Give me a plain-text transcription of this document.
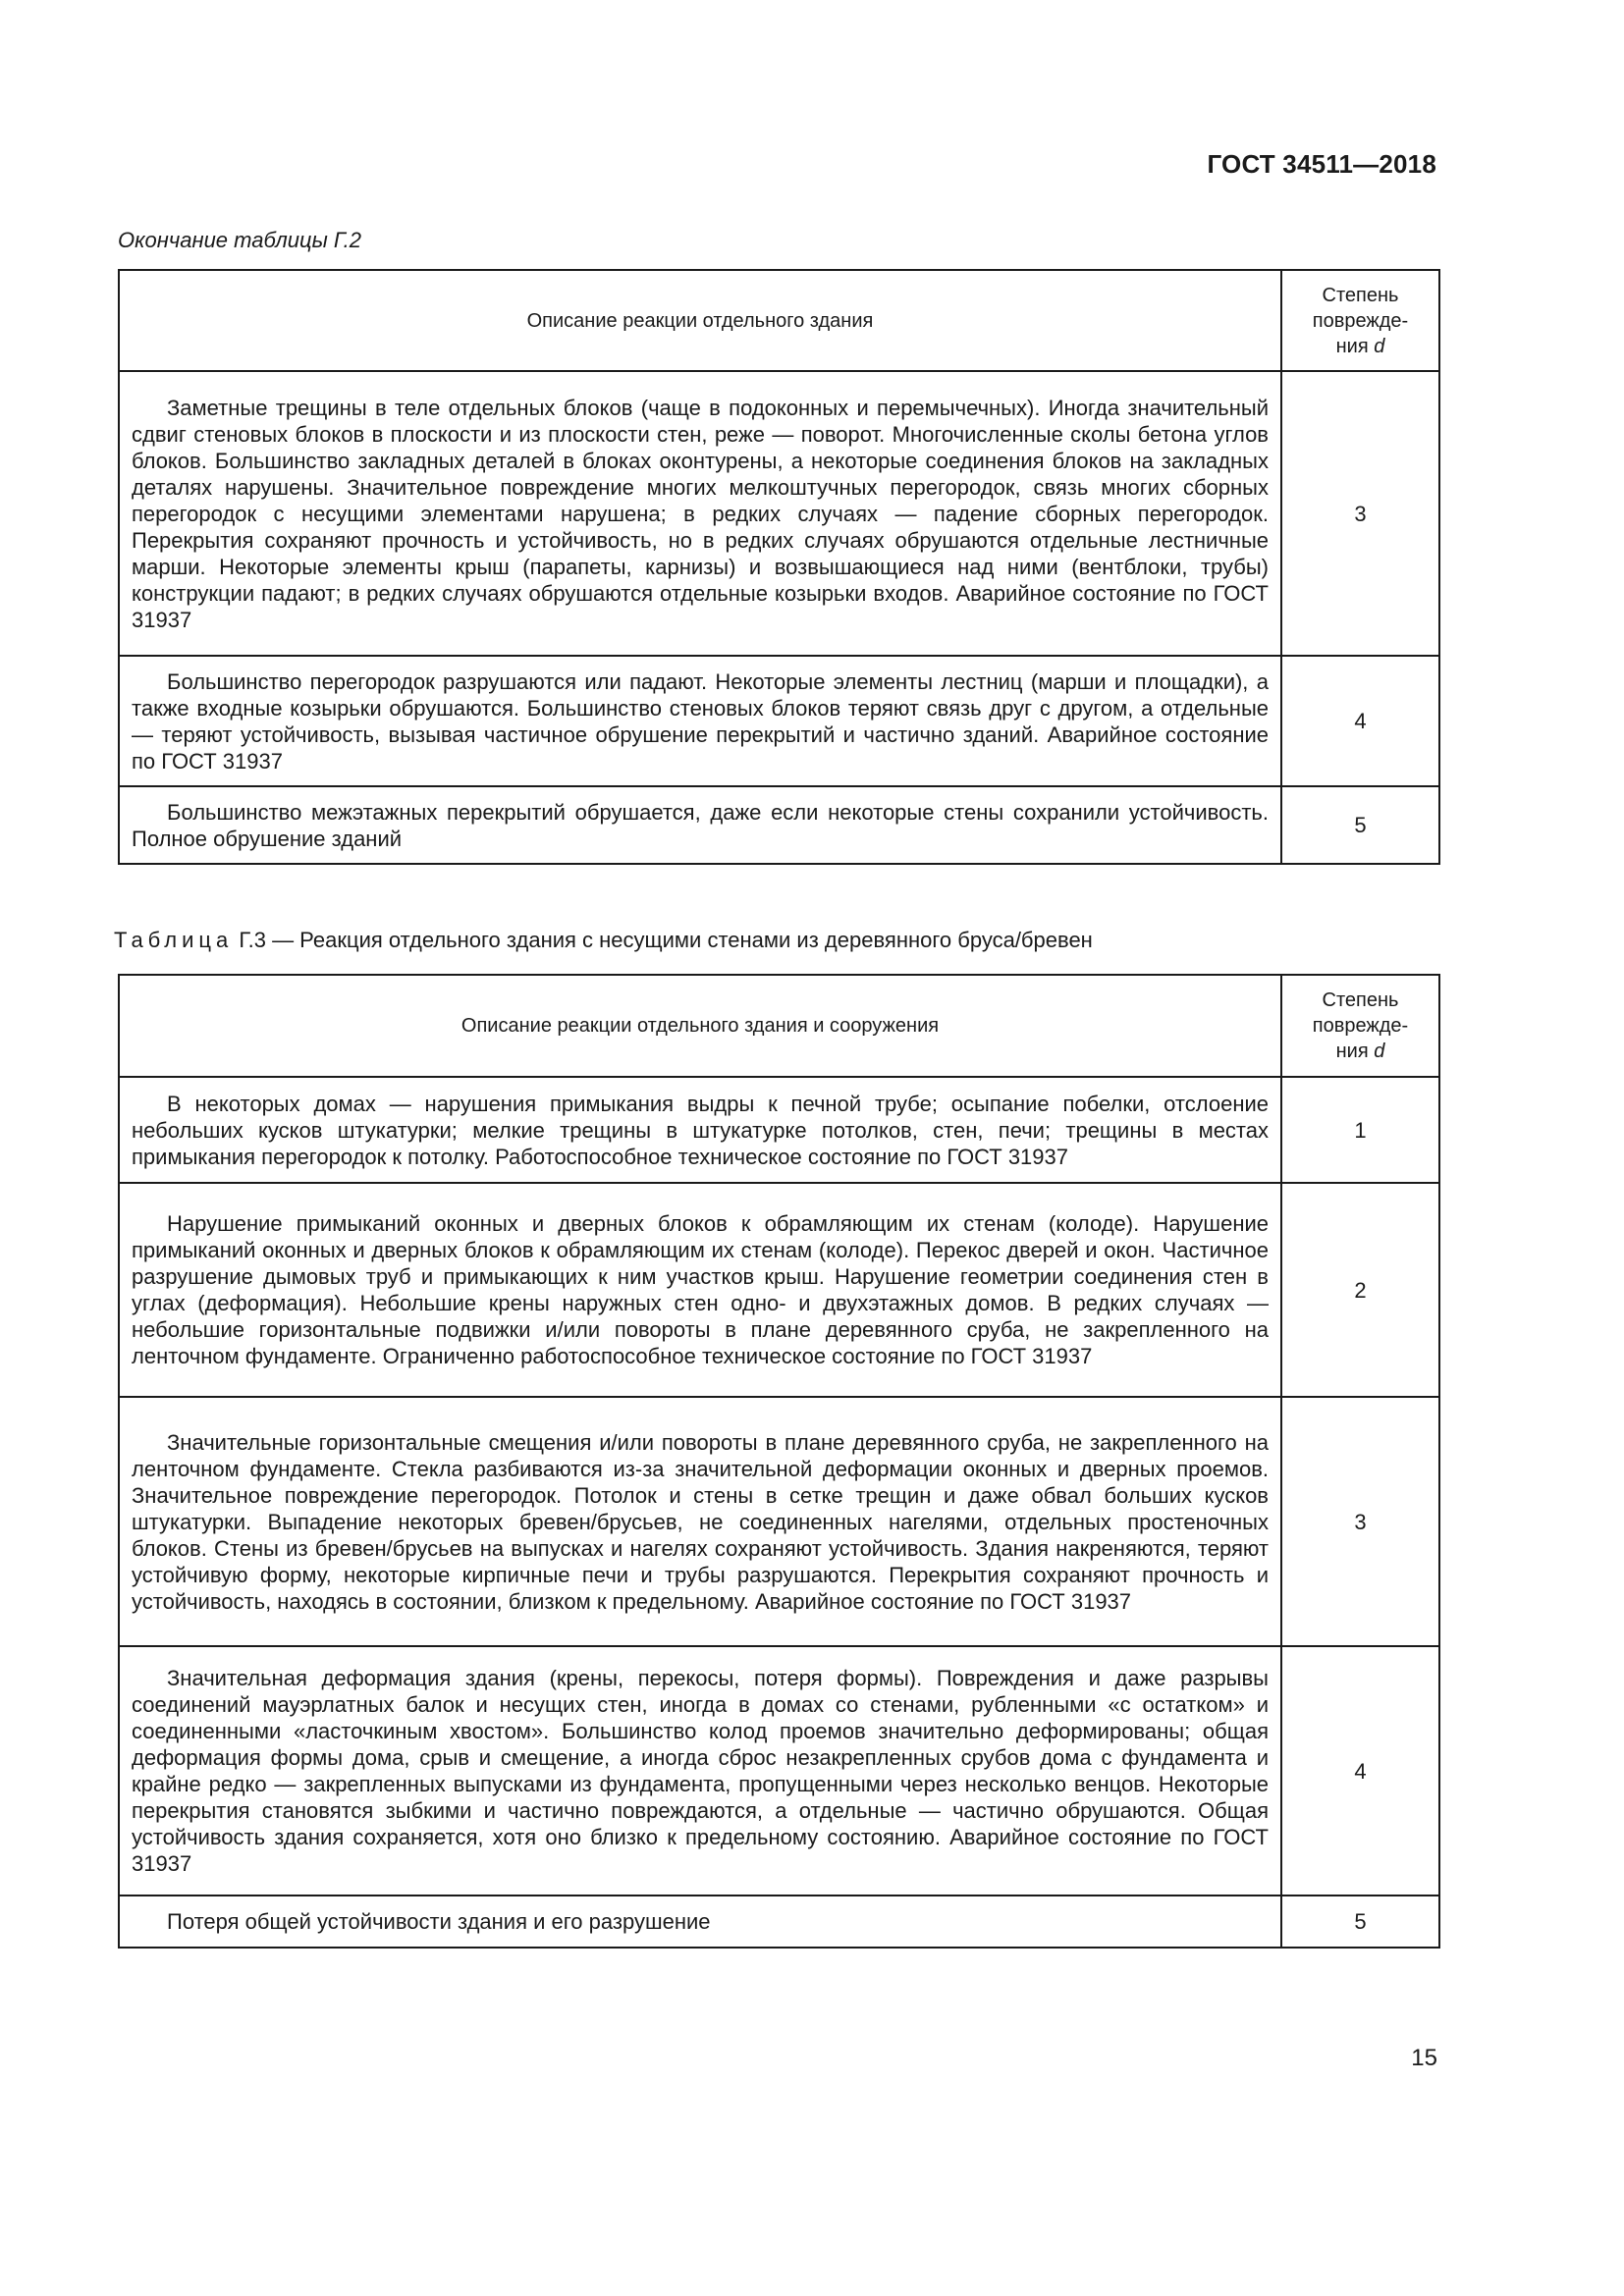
ГОСТ 34511—2018
Окончание таблицы Г.2
Описание реакции отдельного здания	Степень
поврежде-
ния d
Заметные трещины в теле отдельных блоков (чаще в подоконных и перемычечных). Иногда значительный сдвиг стеновых блоков в плоскости и из плоскости стен, реже — поворот. Многочисленные сколы бетона углов блоков. Большинство закладных деталей в блоках оконтурены, а некоторые соединения блоков на закладных деталях нарушены. Значительное повреждение многих мелкоштучных перегородок, связь многих сборных перегородок с несущими элементами нарушена; в редких случаях — падение сборных перегородок. Перекрытия сохраняют прочность и устойчивость, но в редких случаях обрушаются отдельные лестничные марши. Некоторые элементы крыш (парапеты, карнизы) и возвышающиеся над ними (вентблоки, трубы) конструкции падают; в редких случаях обрушаются отдельные козырьки входов. Аварийное состояние по ГОСТ 31937	3
Большинство перегородок разрушаются или падают. Некоторые элементы лестниц (марши и площадки), а также входные козырьки обрушаются. Большинство стеновых блоков теряют связь друг с другом, а отдельные — теряют устойчивость, вызывая частичное обрушение перекрытий и частично зданий. Аварийное состояние по ГОСТ 31937	4
Большинство межэтажных перекрытий обрушается, даже если некоторые стены сохранили устойчивость. Полное обрушение зданий	5
Таблица Г.3 — Реакция отдельного здания с несущими стенами из деревянного бруса/бревен
Описание реакции отдельного здания и сооружения	Степень
поврежде-
ния d
В некоторых домах — нарушения примыкания выдры к печной трубе; осыпание побелки, отслоение небольших кусков штукатурки; мелкие трещины в штукатурке потолков, стен, печи; трещины в местах примыкания перегородок к потолку. Работоспособное техническое состояние по ГОСТ 31937	1
Нарушение примыканий оконных и дверных блоков к обрамляющим их стенам (колоде). Нарушение примыканий оконных и дверных блоков к обрамляющим их стенам (колоде). Перекос дверей и окон. Частичное разрушение дымовых труб и примыкающих к ним участков крыш. Нарушение геометрии соединения стен в углах (деформация). Небольшие крены наружных стен одно- и двухэтажных домов. В редких случаях — небольшие горизонтальные подвижки и/или повороты в плане деревянного сруба, не закрепленного на ленточном фундаменте. Ограниченно работоспособное техническое состояние по ГОСТ 31937	2
Значительные горизонтальные смещения и/или повороты в плане деревянного сруба, не закрепленного на ленточном фундаменте. Стекла разбиваются из-за значительной деформации оконных и дверных проемов. Значительное повреждение перегородок. Потолок и стены в сетке трещин и даже обвал больших кусков штукатурки. Выпадение некоторых бревен/брусьев, не соединенных нагелями, отдельных простеночных блоков. Стены из бревен/брусьев на выпусках и нагелях сохраняют устойчивость. Здания накреняются, теряют устойчивую форму, некоторые кирпичные печи и трубы разрушаются. Перекрытия сохраняют прочность и устойчивость, находясь в состоянии, близком к предельному. Аварийное состояние по ГОСТ 31937	3
Значительная деформация здания (крены, перекосы, потеря формы). Повреждения и даже разрывы соединений мауэрлатных балок и несущих стен, иногда в домах со стенами, рубленными «с остатком» и соединенными «ласточкиным хвостом». Большинство колод проемов значительно деформированы; общая деформация формы дома, срыв и смещение, а иногда сброс незакрепленных срубов дома с фундамента и крайне редко — закрепленных выпусками из фундамента, пропущенными через несколько венцов. Некоторые перекрытия становятся зыбкими и частично повреждаются, а отдельные — частично обрушаются. Общая устойчивость здания сохраняется, хотя оно близко к предельному состоянию. Аварийное состояние по ГОСТ 31937	4
Потеря общей устойчивости здания и его разрушение	5
15
